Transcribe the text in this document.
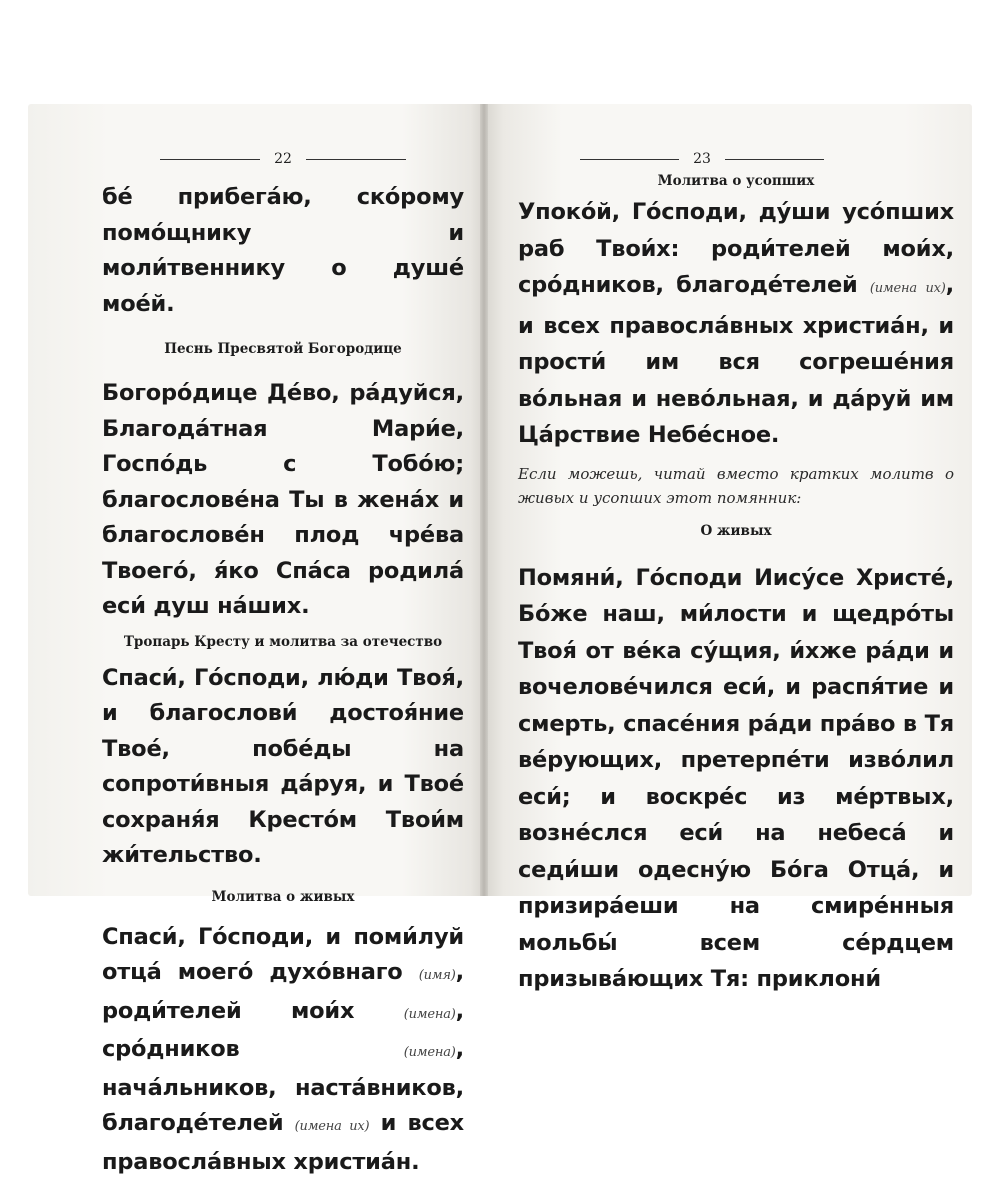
22

бе́ прибега́ю, ско́рому помо́щнику и моли́твеннику о душе́ мое́й.

Песнь Пресвятой Богородице

Богоро́дице Де́во, ра́дуйся, Благода́тная Мари́е, Госпо́дь с Тобо́ю; благослове́на Ты в жена́х и благослове́н плод чре́ва Твоего́, я́ко Спа́са родила́ еси́ душ на́ших.

Тропарь Кресту и молитва за отечество

Спаси́, Го́споди, лю́ди Твоя́, и благослови́ достоя́ние Твое́, побе́ды на сопроти́вныя да́руя, и Твое́ сохраня́я Кресто́м Твои́м жи́тельство.

Молитва о живых

Спаси́, Го́споди, и поми́луй отца́ моего́ духо́внаго (имя), роди́телей мои́х	(имена), сро́дников	(имена), нача́льников, наста́вников, благоде́телей (имена их) и всех правосла́вных христиа́н.

23

Молитва о усопших

Упоко́й, Го́споди, ду́ши усо́пших раб Твои́х: роди́телей мои́х, сро́дников, благоде́телей (имена их), и всех правосла́вных христиа́н, и прости́ им вся согреше́ния во́льная и нево́льная, и да́руй им Ца́рствие Небе́сное.

Если можешь, читай вместо кратких молитв о живых и усопших этот помянник:

О живых

Помяни́, Го́споди Иису́се Христе́, Бо́же наш, ми́лости и щедро́ты Твоя́ от ве́ка су́щия, и́хже ра́ди и вочелове́чился еси́, и распя́тие и смерть, спасе́ния ра́ди пра́во в Тя ве́рующих, претерпе́ти изво́лил еси́; и воскре́с из ме́ртвых, возне́слся еси́ на небеса́ и седи́ши одесну́ю Бо́га Отца́, и призира́еши на смире́нныя мольбы́ всем се́рдцем призыва́ющих Тя: приклони́
